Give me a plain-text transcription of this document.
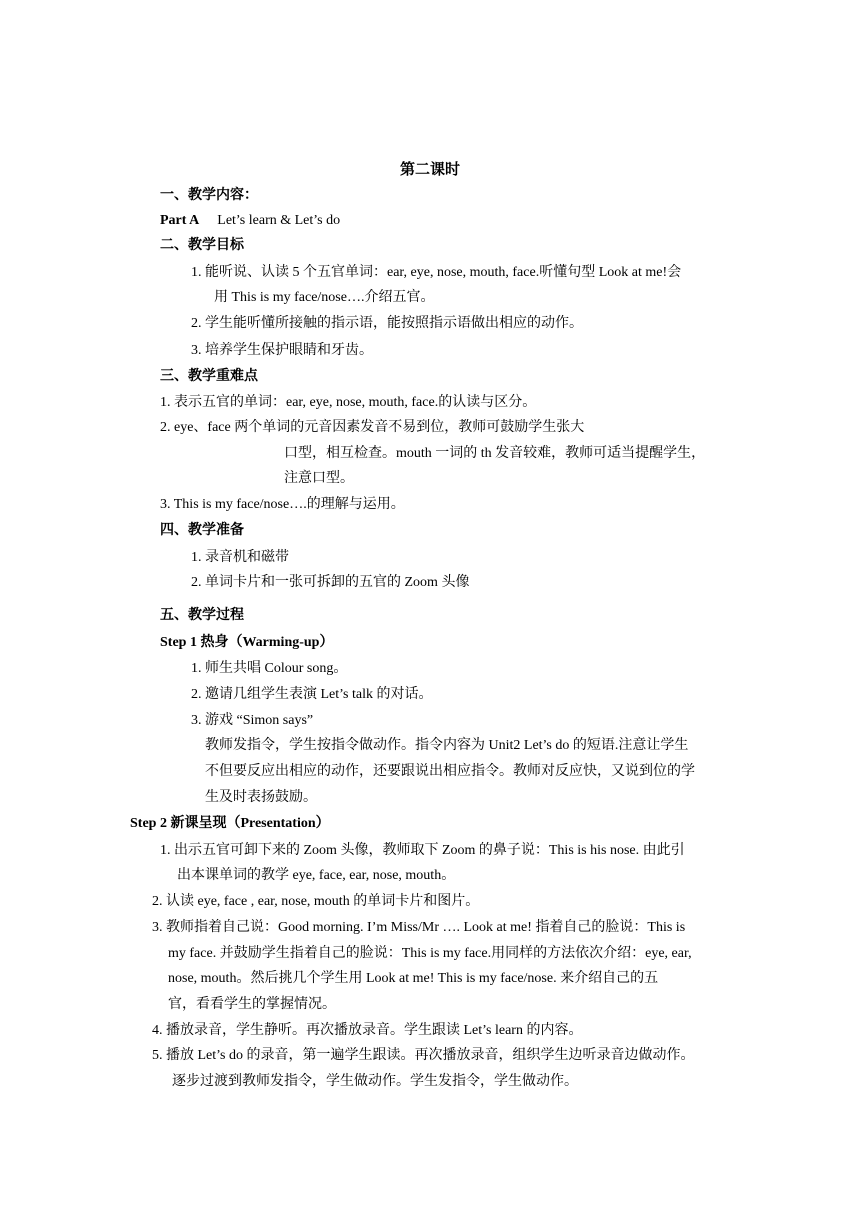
第二课时
一、教学内容：
Part A Let’s learn & Let’s do
二、教学目标
1. 能听说、认读 5 个五官单词：ear, eye, nose, mouth, face.听懂句型 Look at me!会
用 This is my face/nose….介绍五官。
2. 学生能听懂所接触的指示语，能按照指示语做出相应的动作。
3. 培养学生保护眼睛和牙齿。
三、教学重难点
1. 表示五官的单词：ear, eye, nose, mouth, face.的认读与区分。
2. eye、face 两个单词的元音因素发音不易到位，教师可鼓励学生张大
口型，相互检查。mouth 一词的 th 发音较难，教师可适当提醒学生，
注意口型。
3. This is my face/nose….的理解与运用。
四、教学准备
1. 录音机和磁带
2. 单词卡片和一张可拆卸的五官的 Zoom 头像
五、教学过程
Step 1 热身（Warming-up）
1. 师生共唱 Colour song。
2. 邀请几组学生表演 Let’s talk 的对话。
3. 游戏 “Simon says”
教师发指令，学生按指令做动作。指令内容为 Unit2 Let’s do 的短语.注意让学生
不但要反应出相应的动作，还要跟说出相应指令。教师对反应快，又说到位的学
生及时表扬鼓励。
Step 2 新课呈现（Presentation）
1. 出示五官可卸下来的 Zoom 头像，教师取下 Zoom 的鼻子说：This is his nose. 由此引
出本课单词的教学 eye, face, ear, nose, mouth。
2. 认读 eye, face , ear, nose, mouth 的单词卡片和图片。
3. 教师指着自己说：Good morning. I’m Miss/Mr …. Look at me! 指着自己的脸说：This is
my face. 并鼓励学生指着自己的脸说：This is my face.用同样的方法依次介绍：eye, ear,
nose, mouth。然后挑几个学生用 Look at me! This is my face/nose. 来介绍自己的五
官，看看学生的掌握情况。
4. 播放录音，学生静听。再次播放录音。学生跟读 Let’s learn 的内容。
5. 播放 Let’s do 的录音，第一遍学生跟读。再次播放录音，组织学生边听录音边做动作。
逐步过渡到教师发指令，学生做动作。学生发指令，学生做动作。
